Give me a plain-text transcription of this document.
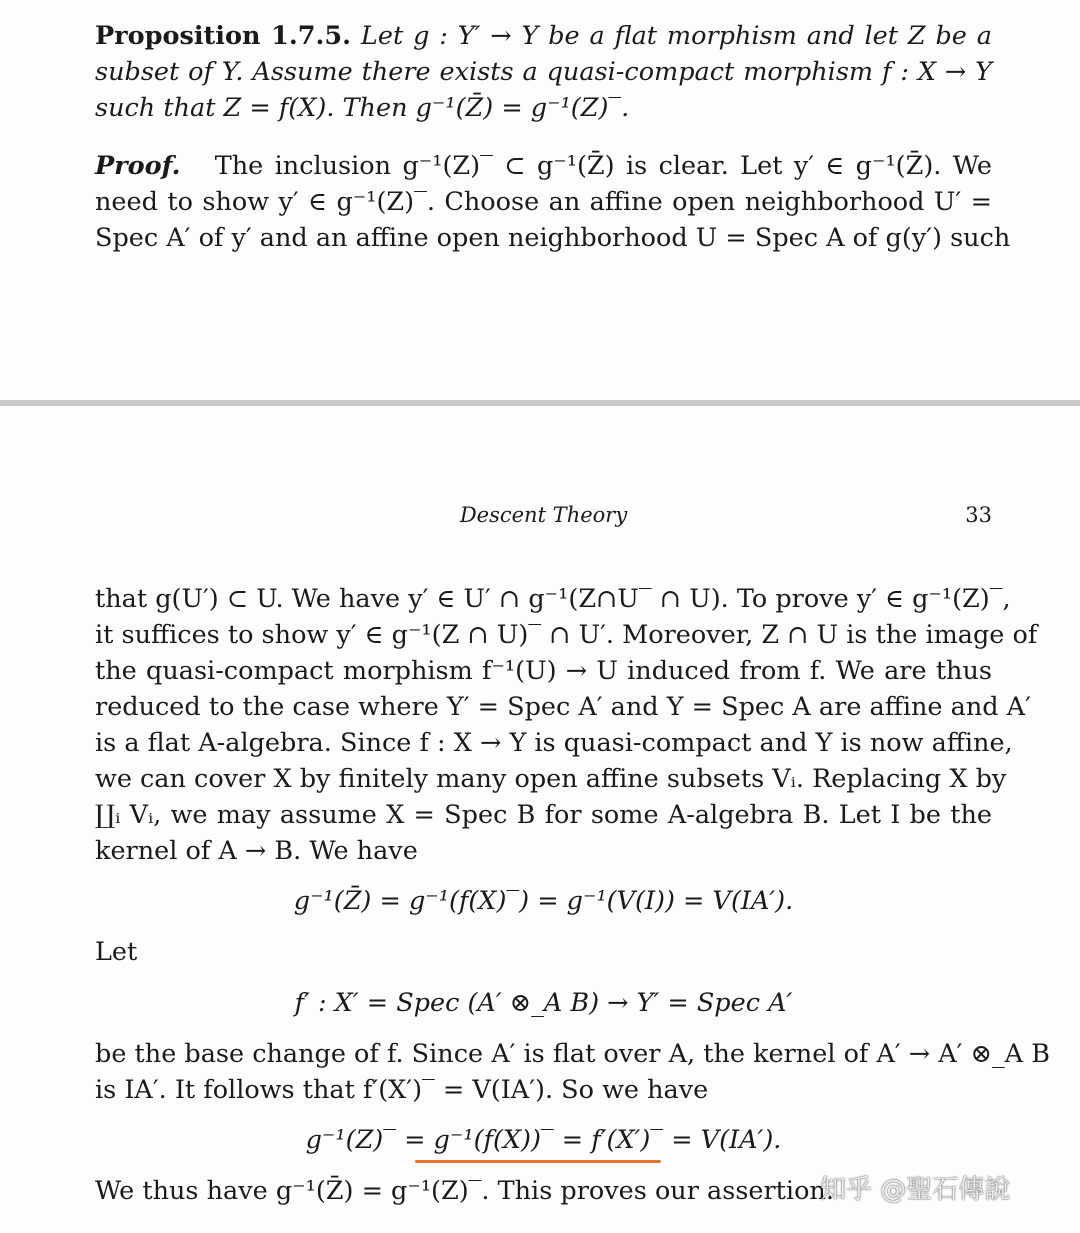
Proposition 1.7.5. Let g : Y′ → Y be a flat morphism and let Z be a
subset of Y. Assume there exists a quasi-compact morphism f : X → Y
such that Z = f(X). Then g⁻¹(Z̄) = g⁻¹(Z)‾.
Proof. The inclusion g⁻¹(Z)‾ ⊂ g⁻¹(Z̄) is clear. Let y′ ∈ g⁻¹(Z̄). We
need to show y′ ∈ g⁻¹(Z)‾. Choose an affine open neighborhood U′ =
Spec A′ of y′ and an affine open neighborhood U = Spec A of g(y′) such
Descent Theory	33
that g(U′) ⊂ U. We have y′ ∈ U′ ∩ g⁻¹(Z∩U‾ ∩ U). To prove y′ ∈ g⁻¹(Z)‾,
it suffices to show y′ ∈ g⁻¹(Z ∩ U)‾ ∩ U′. Moreover, Z ∩ U is the image of
the quasi-compact morphism f⁻¹(U) → U induced from f. We are thus
reduced to the case where Y′ = Spec A′ and Y = Spec A are affine and A′
is a flat A-algebra. Since f : X → Y is quasi-compact and Y is now affine,
we can cover X by finitely many open affine subsets Vᵢ. Replacing X by
∐ᵢ Vᵢ, we may assume X = Spec B for some A-algebra B. Let I be the
kernel of A → B. We have
g⁻¹(Z̄) = g⁻¹(f(X)‾) = g⁻¹(V(I)) = V(IA′).
Let
f′ : X′ = Spec (A′ ⊗_A B) → Y′ = Spec A′
be the base change of f. Since A′ is flat over A, the kernel of A′ → A′ ⊗_A B
is IA′. It follows that f′(X′)‾ = V(IA′). So we have
g⁻¹(Z)‾ = g⁻¹(f(X))‾ = f′(X′)‾ = V(IA′).
We thus have g⁻¹(Z̄) = g⁻¹(Z)‾. This proves our assertion.
知乎 @聖石傳說
